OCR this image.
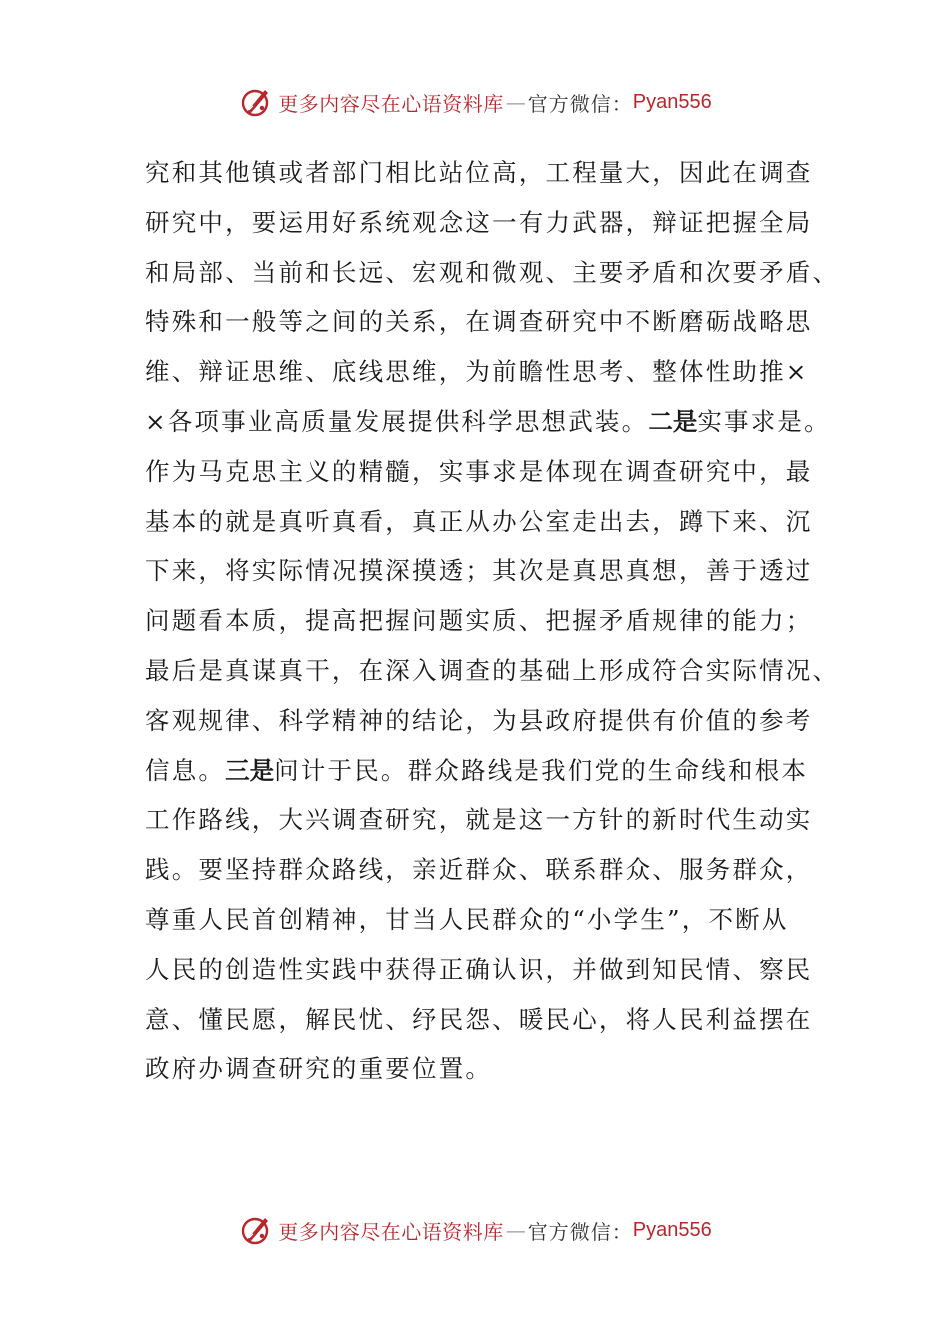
更多内容尽在心语资料库 — 官方微信： Pyan556
究和其他镇或者部门相比站位高，工程量大，因此在调查
研究中，要运用好系统观念这一有力武器，辩证把握全局
和局部、当前和长远、宏观和微观、主要矛盾和次要矛盾、
特殊和一般等之间的关系，在调查研究中不断磨砺战略思
维、辩证思维、底线思维，为前瞻性思考、整体性助推×
×各项事业高质量发展提供科学思想武装。二是实事求是。
作为马克思主义的精髓，实事求是体现在调查研究中，最
基本的就是真听真看，真正从办公室走出去，蹲下来、沉
下来，将实际情况摸深摸透；其次是真思真想，善于透过
问题看本质，提高把握问题实质、把握矛盾规律的能力；
最后是真谋真干，在深入调查的基础上形成符合实际情况、
客观规律、科学精神的结论，为县政府提供有价值的参考
信息。三是问计于民。群众路线是我们党的生命线和根本
工作路线，大兴调查研究，就是这一方针的新时代生动实
践。要坚持群众路线，亲近群众、联系群众、服务群众，
尊重人民首创精神，甘当人民群众的“小学生”，不断从
人民的创造性实践中获得正确认识，并做到知民情、察民
意、懂民愿，解民忧、纾民怨、暖民心，将人民利益摆在
政府办调查研究的重要位置。
更多内容尽在心语资料库 — 官方微信： Pyan556
